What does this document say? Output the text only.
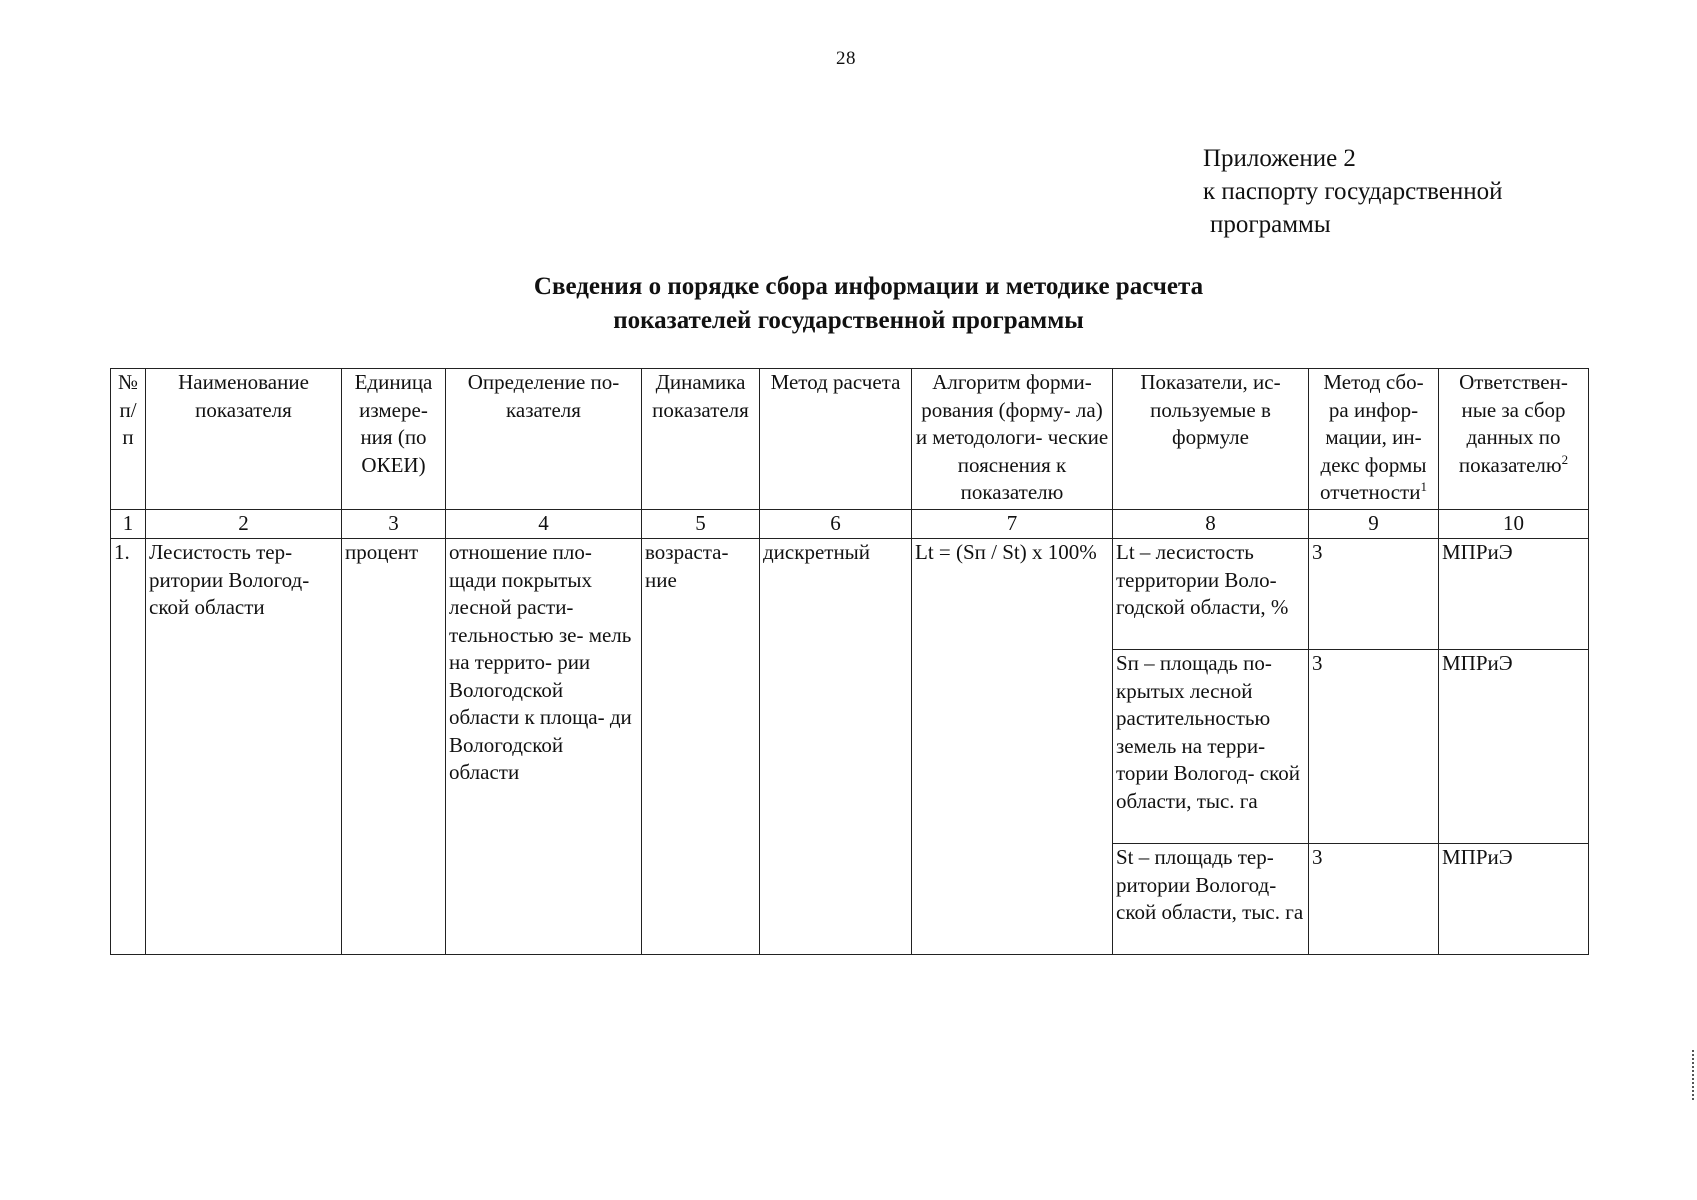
28
Приложение 2
к паспорту государственной
программы
Сведения о порядке сбора информации и методике расчета
показателей государственной программы
№ п/ п	Наименование показателя	Единица измере- ния (по ОКЕИ)	Определение по- казателя	Динамика показателя	Метод расчета	Алгоритм форми- рования (форму- ла) и методологи- ческие пояснения к показателю	Показатели, ис- пользуемые в формуле	Метод сбо- ра инфор- мации, ин- декс формы отчетности$^1$	Ответствен- ные за сбор данных по показателю$^2$
1	2	3	4	5	6	7	8	9	10
1.	Лесистость тер- ритории Вологод- ской области	процент	отношение пло- щади покрытых лесной расти- тельностью зе- мель на террито- рии Вологодской области к площа- ди Вологодской области	возраста- ние	дискретный	Lt = (Sп / St) x 100%	Lt – лесистость территории Воло- годской области, %	3	МПРиЭ
							Sп – площадь по- крытых лесной растительностью земель на терри- тории Вологод- ской области, тыс. га	3	МПРиЭ
							St – площадь тер- ритории Вологод- ской области, тыс. га	3	МПРиЭ
